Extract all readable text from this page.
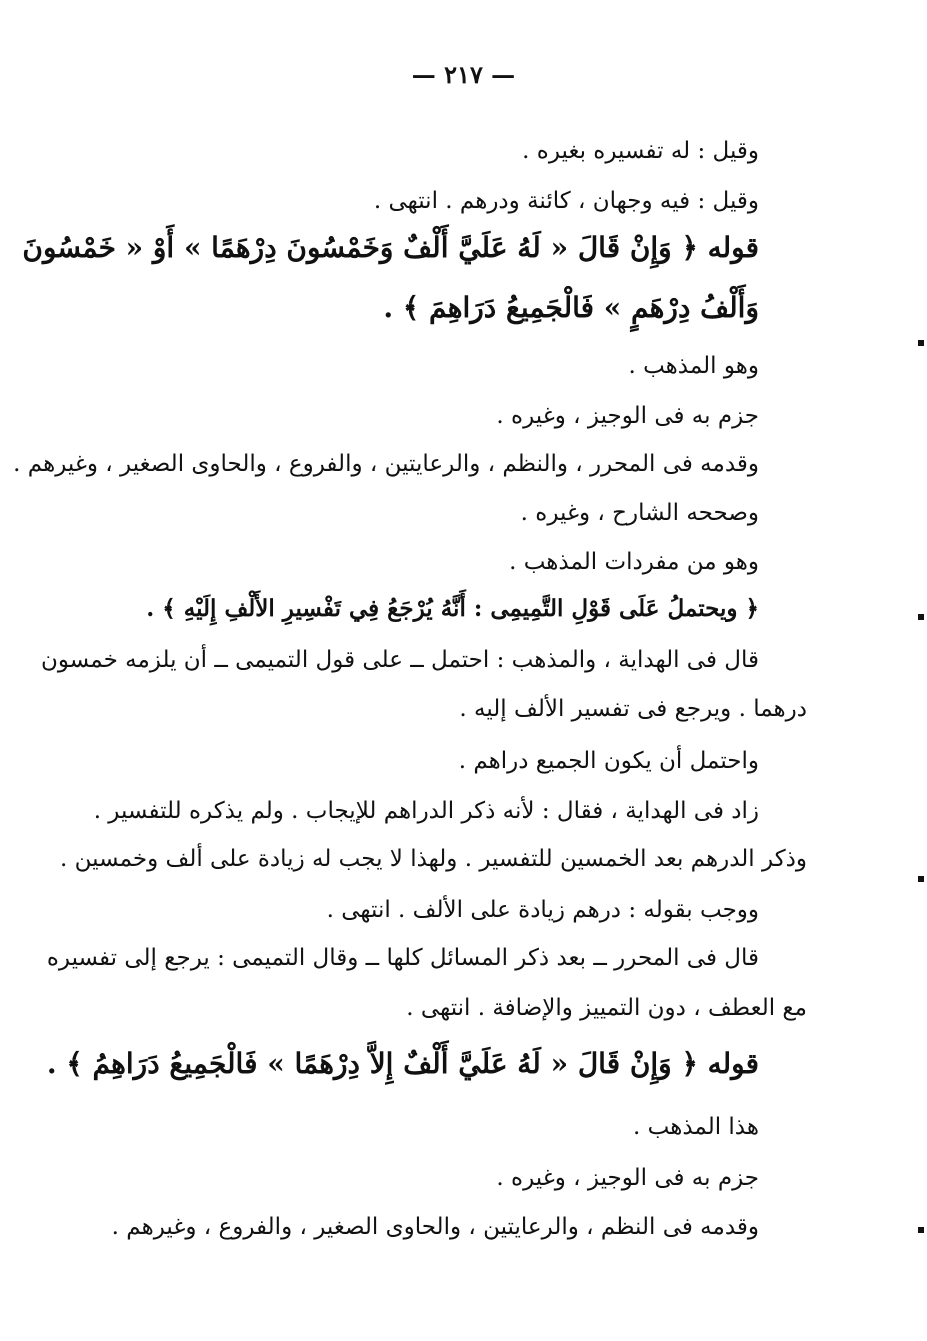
— ٢١٧ —
وقيل : له تفسيره بغيره .
وقيل : فيه وجهان ، كائنة ودرهم . انتهى .
قوله ﴿ وَإِنْ قَالَ « لَهُ عَلَيَّ أَلْفٌ وَخَمْسُونَ دِرْهَمًا » أَوْ « خَمْسُونَ
وَأَلْفُ دِرْهَمٍ » فَالْجَمِيعُ دَرَاهِمَ ﴾ .
وهو المذهب .
جزم به فى الوجيز ، وغيره .
وقدمه فى المحرر ، والنظم ، والرعايتين ، والفروع ، والحاوى الصغير ، وغيرهم .
وصححه الشارح ، وغيره .
وهو من مفردات المذهب .
﴿ ويحتملُ عَلَى قَوْلِ التَّمِيمِى : أَنَّهُ يُرْجَعُ فِي تَفْسِيرِ الأَلْفِ إِلَيْهِ ﴾ .
قال فى الهداية ، والمذهب : احتمل ــ على قول التميمى ــ أن يلزمه خمسون
درهما . ويرجع فى تفسير الألف إليه .
واحتمل أن يكون الجميع دراهم .
زاد فى الهداية ، فقال : لأنه ذكر الدراهم للإيجاب . ولم يذكره للتفسير .
وذكر الدرهم بعد الخمسين للتفسير . ولهذا لا يجب له زيادة على ألف وخمسين .
ووجب بقوله : درهم زيادة على الألف . انتهى .
قال فى المحرر ــ بعد ذكر المسائل كلها ــ وقال التميمى : يرجع إلى تفسيره
مع العطف ، دون التمييز والإضافة . انتهى .
قوله ﴿ وَإِنْ قَالَ « لَهُ عَلَيَّ أَلْفٌ إِلاَّ دِرْهَمًا » فَالْجَمِيعُ دَرَاهِمُ ﴾ .
هذا المذهب .
جزم به فى الوجيز ، وغيره .
وقدمه فى النظم ، والرعايتين ، والحاوى الصغير ، والفروع ، وغيرهم .
